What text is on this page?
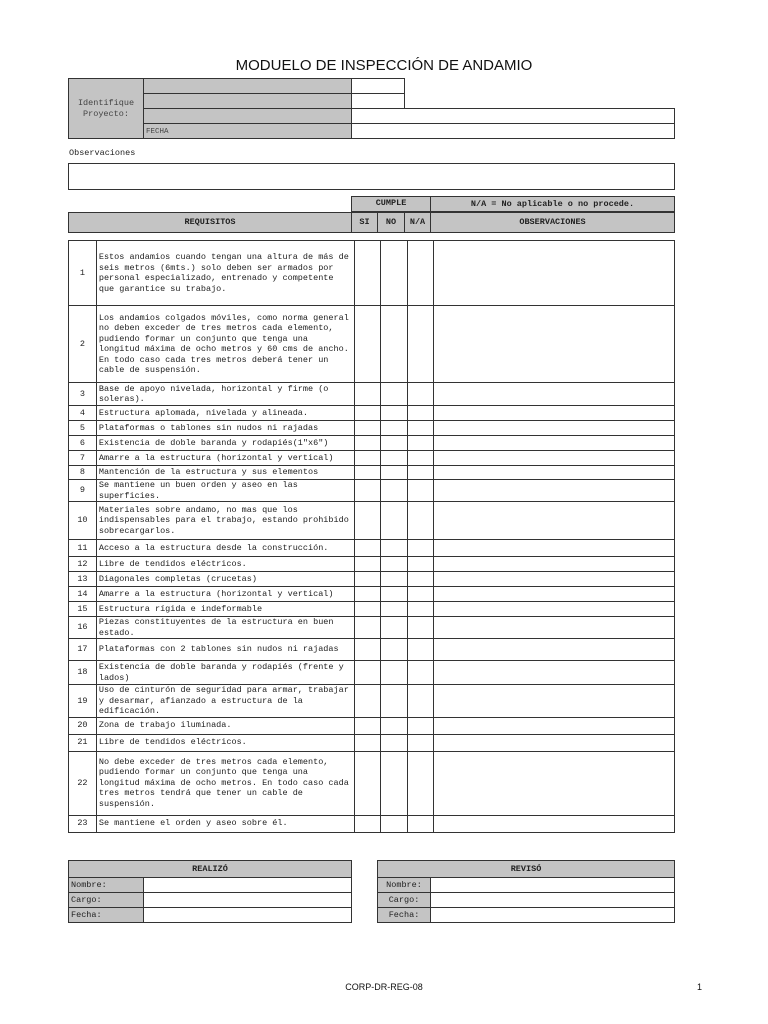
MODUELO DE INSPECCIÓN DE ANDAMIO
Identifique Proyecto:
FECHA
Observaciones
CUMPLE	N/A = No aplicable o no procede.
REQUISITOS	SI	NO	N/A	OBSERVACIONES
1	Estos andamios cuando tengan una altura de más de seis metros (6mts.) solo deben ser armados por personal especializado, entrenado y competente que garantice su trabajo.				
2	Los andamios colgados móviles, como norma general no deben exceder de tres metros cada elemento, pudiendo formar un conjunto que tenga una longitud máxima de ocho metros y 60 cms de ancho. En todo caso cada tres metros deberá tener un cable de suspensión.				
3	Base de apoyo nivelada, horizontal y firme (o soleras).				
4	Estructura aplomada, nivelada y alineada.				
5	Plataformas o tablones sin nudos ni rajadas				
6	Existencia de doble baranda y rodapiés(1"x6")				
7	Amarre a la estructura (horizontal y vertical)				
8	Mantención de la estructura y sus elementos				
9	Se mantiene un buen orden y aseo en las superficies.				
10	Materiales sobre andamo, no mas que los indispensables para el trabajo, estando prohibido sobrecargarlos.				
11	Acceso a la estructura desde la construcción.				
12	Libre de tendidos eléctricos.				
13	Diagonales completas (crucetas)				
14	Amarre a la estructura (horizontal y vertical)				
15	Estructura rígida e indeformable				
16	Piezas constituyentes de la estructura en buen estado.				
17	Plataformas con 2 tablones sin nudos ni rajadas				
18	Existencia de doble baranda y rodapiés (frente y lados)				
19	Uso de cinturón de seguridad para armar, trabajar y desarmar, afianzado a estructura de la edificación.				
20	Zona de trabajo iluminada.				
21	Libre de tendidos eléctricos.				
22	No debe exceder de tres metros cada elemento, pudiendo formar un conjunto que tenga una longitud máxima de ocho metros. En todo caso cada tres metros tendrá que tener un cable de suspensión.				
23	Se mantiene el orden y aseo sobre él.				
REALIZÓ	
Nombre:	
Cargo:	
Fecha:	
REVISÓ	
Nombre:	
Cargo:	
Fecha:	
CORP-DR-REG-08	1
